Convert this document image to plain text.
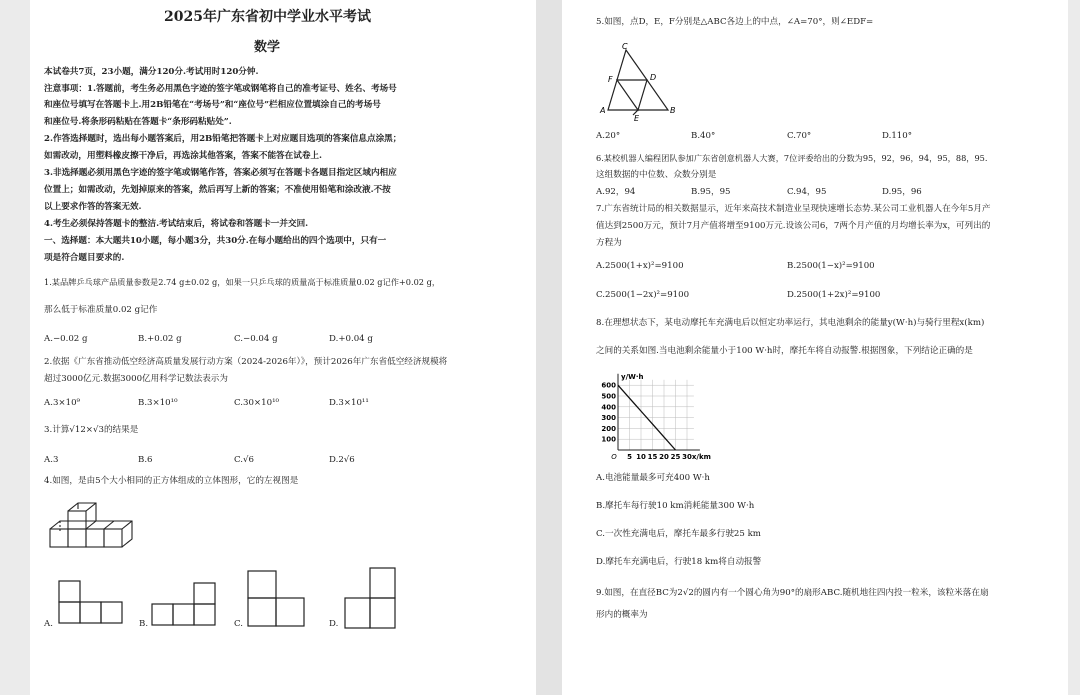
2025年广东省初中学业水平考试
数学
本试卷共7页，23小题，满分120分.考试用时120分钟.
注意事项：1.答题前，考生务必用黑色字迹的签字笔或钢笔将自己的准考证号、姓名、考场号
和座位号填写在答题卡上.用2B铅笔在“考场号”和“座位号”栏相应位置填涂自己的考场号
和座位号.将条形码粘贴在答题卡“条形码粘贴处”.
2.作答选择题时，选出每小题答案后，用2B铅笔把答题卡上对应题目选项的答案信息点涂黑；
如需改动，用塑料橡皮擦干净后，再选涂其他答案，答案不能答在试卷上.
3.非选择题必须用黑色字迹的签字笔或钢笔作答，答案必须写在答题卡各题目指定区域内相应
位置上；如需改动，先划掉原来的答案，然后再写上新的答案；不准使用铅笔和涂改液.不按
以上要求作答的答案无效.
4.考生必须保持答题卡的整洁.考试结束后，将试卷和答题卡一并交回.
一、选择题：本大题共10小题，每小题3分，共30分.在每小题给出的四个选项中，只有一
项是符合题目要求的.
1.某品牌乒乓球产品质量参数是2.74 g±0.02 g，如果一只乒乓球的质量高于标准质量0.02 g记作+0.02 g，
那么低于标准质量0.02 g记作
A.−0.02 g	B.+0.02 g	C.−0.04 g	D.+0.04 g
2.依据《广东省推动低空经济高质量发展行动方案（2024-2026年）》，预计2026年广东省低空经济规模将
超过3000亿元.数据3000亿用科学记数法表示为
A.3×10⁹	B.3×10¹⁰	C.30×10¹⁰	D.3×10¹¹
3.计算√12×√3的结果是
A.3	B.6	C.√6	D.2√6
4.如图，是由5个大小相同的正方体组成的立体图形，它的左视图是
A.	B.	C.	D.
5.如图，点D，E，F分别是△ABC各边上的中点，∠A=70°，则∠EDF=
C
F	D
A
E
B
A.20°	B.40°	C.70°	D.110°
6.某校机器人编程团队参加广东省创意机器人大赛，7位评委给出的分数为95，92，96，94，95，88，95.
这组数据的中位数、众数分别是
A.92，94	B.95，95	C.94，95	D.95，96
7.广东省统计局的相关数据显示，近年来高技术制造业呈现快速增长态势.某公司工业机器人在今年5月产
值达到2500万元，预计7月产值将增至9100万元.设该公司6，7两个月产值的月均增长率为x，可列出的
方程为
A.2500(1+x)²=9100	B.2500(1−x)²=9100
C.2500(1−2x)²=9100	D.2500(1+2x)²=9100
8.在理想状态下，某电动摩托车充满电后以恒定功率运行，其电池剩余的能量y(W·h)与骑行里程x(km)
之间的关系如图.当电池剩余能量小于100 W·h时，摩托车将自动报警.根据图象，下列结论正确的是
600
500
400
300
200
100
5 10 15 20 25 30
O	x/km
y/W·h
A.电池能量最多可充400 W·h
B.摩托车每行驶10 km消耗能量300 W·h
C.一次性充满电后，摩托车最多行驶25 km
D.摩托车充满电后，行驶18 km将自动报警
9.如图，在直径BC为2√2的圆内有一个圆心角为90°的扇形ABC.随机地往四内投一粒米，该粒米落在扇
形内的概率为
